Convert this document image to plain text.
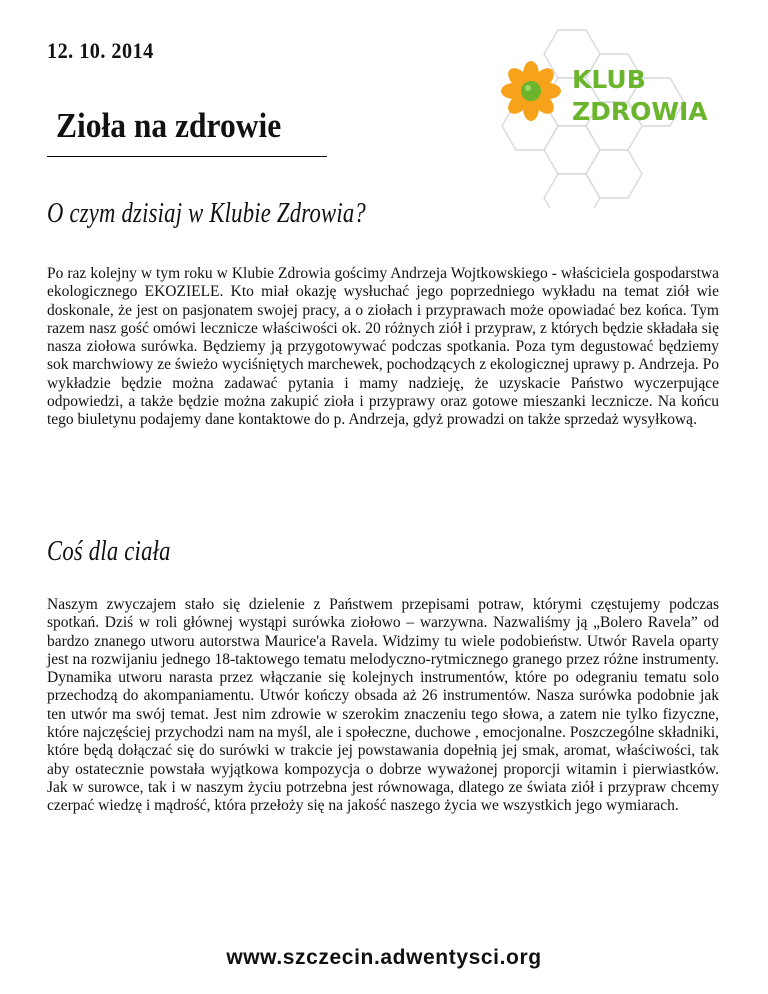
12. 10. 2014
Zioła na zdrowie
KLUB
ZDROWIA
O czym dzisiaj w Klubie Zdrowia?

Po raz kolejny w tym roku w Klubie Zdrowia gościmy Andrzeja Wojtkowskiego - właściciela gospodarstwa ekologicznego EKOZIELE. Kto miał okazję wysłuchać jego poprzedniego wykładu na temat ziół wie doskonale, że jest on pasjonatem swojej pracy, a o ziołach i przyprawach może opowiadać bez końca. Tym razem nasz gość omówi lecznicze właściwości ok. 20 różnych ziół i przypraw, z których będzie składała się nasza ziołowa surówka. Będziemy ją przygotowywać podczas spotkania. Poza tym degustować będziemy sok marchwiowy ze świeżo wyciśniętych marchewek, pochodzących z ekologicznej uprawy p. Andrzeja. Po wykładzie będzie można zadawać pytania i mamy nadzieję, że uzyskacie Państwo wyczerpujące odpowiedzi, a także będzie można zakupić zioła i przyprawy oraz gotowe mieszanki lecznicze. Na końcu tego biuletynu podajemy dane kontaktowe do p. Andrzeja, gdyż prowadzi on także sprzedaż wysyłkową.

Coś dla ciała

Naszym zwyczajem stało się dzielenie z Państwem przepisami potraw, którymi częstujemy podczas spotkań. Dziś w roli głównej wystąpi surówka ziołowo – warzywna. Nazwaliśmy ją „Bolero Ravela” od bardzo znanego utworu autorstwa Maurice'a Ravela. Widzimy tu wiele podobieństw. Utwór Ravela oparty jest na rozwijaniu jednego 18-taktowego tematu melodyczno-rytmicznego granego przez różne instrumenty. Dynamika utworu narasta przez włączanie się kolejnych instrumentów, które po odegraniu tematu solo przechodzą do akompaniamentu. Utwór kończy obsada aż 26 instrumentów. Nasza surówka podobnie jak ten utwór ma swój temat. Jest nim zdrowie w szerokim znaczeniu tego słowa, a zatem nie tylko fizyczne, które najczęściej przychodzi nam na myśl, ale i społeczne, duchowe , emocjonalne. Poszczególne składniki, które będą dołączać się do surówki w trakcie jej powstawania dopełnią jej smak, aromat, właściwości, tak aby ostatecznie powstała wyjątkowa kompozycja o dobrze wyważonej proporcji witamin i pierwiastków. Jak w surowce, tak i w naszym życiu potrzebna jest równowaga, dlatego ze świata ziół i przypraw chcemy czerpać wiedzę i mądrość, która przełoży się na jakość naszego życia we wszystkich jego wymiarach.

www.szczecin.adwentysci.org
